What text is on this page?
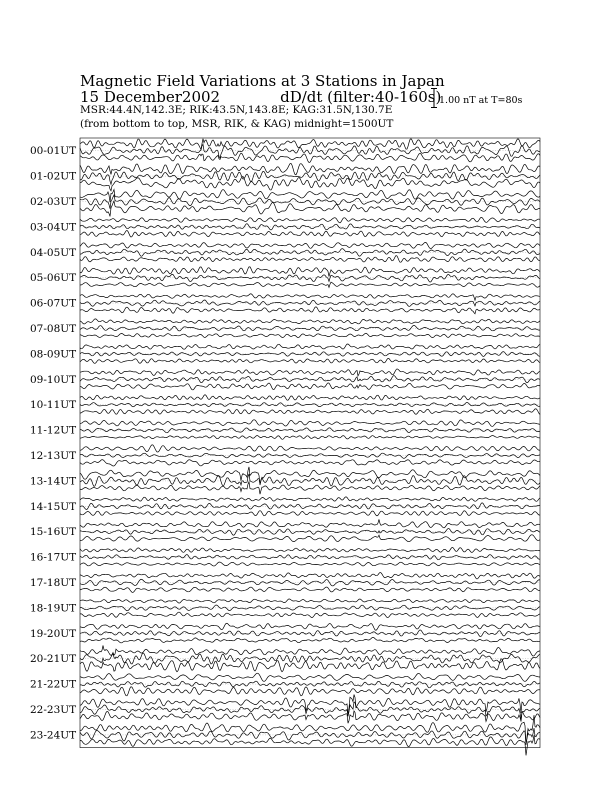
Magnetic Field Variations at 3 Stations in Japan
15 December2002	dD/dt (filter:40-160s)
MSR:44.4N,142.3E; RIK:43.5N,143.8E; KAG:31.5N,130.7E
(from bottom to top, MSR, RIK, & KAG) midnight=1500UT
1.00 nT at T=80s
00-01UT
01-02UT
02-03UT
03-04UT
04-05UT
05-06UT
06-07UT
07-08UT
08-09UT
09-10UT
10-11UT
11-12UT
12-13UT
13-14UT
14-15UT
15-16UT
16-17UT
17-18UT
18-19UT
19-20UT
20-21UT
21-22UT
22-23UT
23-24UT
